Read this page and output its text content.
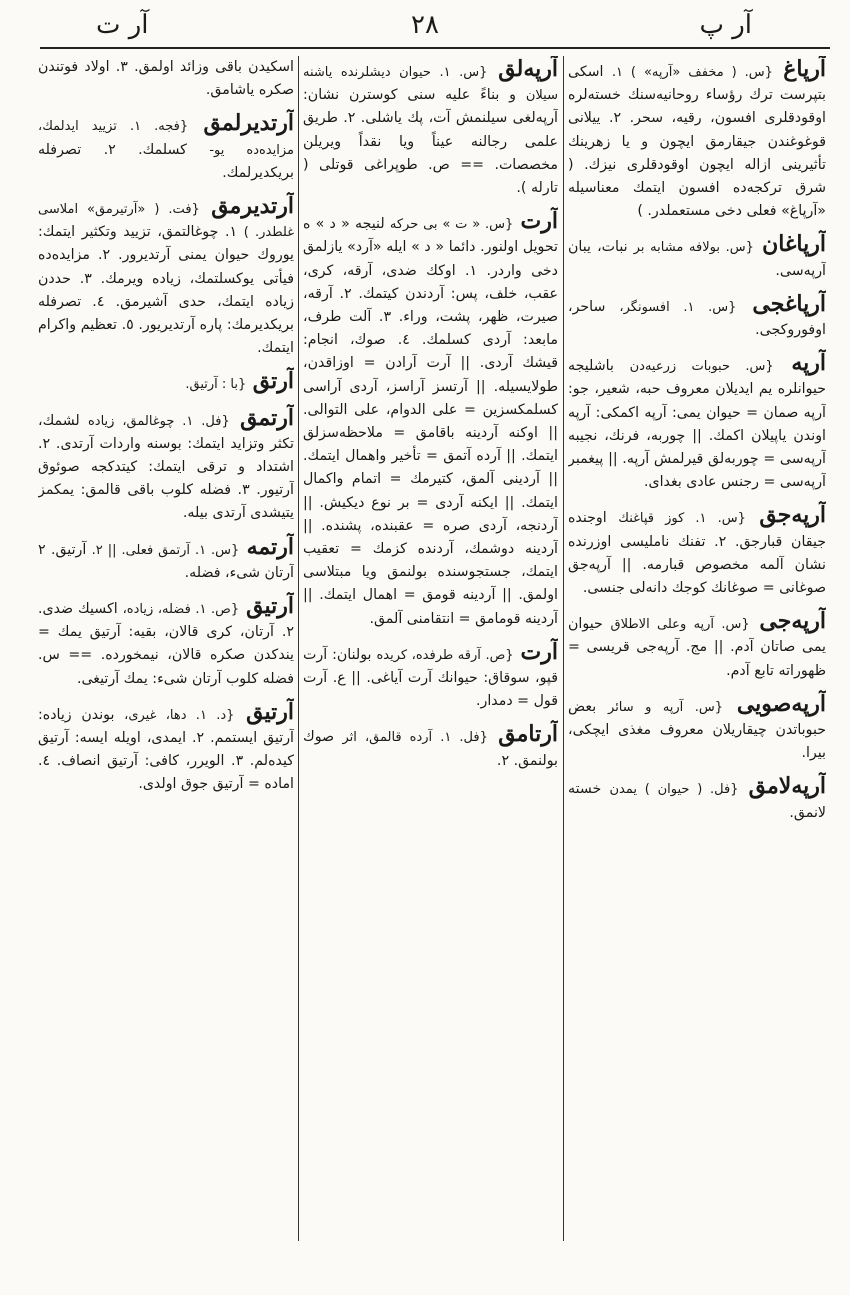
آر پ
٢٨
آر ت
آرپاغ {س. ( مخفف «آرپه» ) ١. اسکی بتپرست ترك رؤساء روحانیه‌سنك خسته‌لره اوقودقلری افسون، رقیه، سحر. ٢. ییلانی قوغوغندن جیقارمق ایچون و یا زهرینك تأثیرینی ازاله ایچون اوقودقلری نیزك. ( شرق ترکجه‌ده افسون ایتمك معناسیله «آرپاغ» فعلی دخی مستعملدر. )
آرپاغان {س. بولافه مشابه بر نبات، یبان آرپه‌سی.
آرپاغجی {س. ١. افسونگر، ساحر، اوفوروکجی.
آرپه {س. حبوبات زرعیه‌دن باشلیجه حیوانلره یم ایدیلان معروف حبه، شعیر، جو: آرپه صمان = حیوان یمی: آرپه اکمکی: آرپه اوندن یاپیلان اکمك. || چوربه، فرنك، نجیبه آرپه‌سی = چوربه‌لق قیرلمش آرپه. || پیغمبر آرپه‌سی = رجنس عادی بغدای.
آرپه‌جق {س. ١. کوز قپاغنك اوجنده جیقان قبارجق. ٢. تفنك ناملیسی اوزرنده نشان آلمه مخصوص قبارمه. || آرپه‌جق صوغانی = صوغانك کوجك دانه‌لی جنسی.
آرپه‌جی {س. آرپه وعلى الاطلاق حیوان یمی صاتان آدم. || مج. آرپه‌جی قریسی = ظهوراته تابع آدم.
آرپه‌صویی {س. آرپه و سائر بعض حبوباتدن چیقاریلان معروف مغذی ایچکی، بیرا.
آرپه‌لامق {فل. ( حیوان ) یمدن خسته لانمق.
آرپه‌لق {س. ١. حیوان دیشلرنده یاشنه سیلان و بناءً علیه سنی کوسترن نشان: آرپه‌لغی سیلنمش آت، پك یاشلی. ٢. طریق علمی رجالنه عیناً ویا نقداً ویریلن مخصصات. == ص. طوپراغی قوتلی ( تارله ).
آرت {س. « ت » بی حرکه لنیجه « د » ه تحویل اولنور. دائما « د » ایله «آرد» یازلمق دخی واردر. ١. اوکك ضدی، آرقه، کری، عقب، خلف، پس: آردندن کیتمك. ٢. آرقه، صیرت، ظهر، پشت، وراء. ٣. آلت طرف، مابعد: آردی کسلمك. ٤. صوك، انجام: قیشك آردی. || آرت آرادن = اوزاقدن، طولایسیله. || آرتسز آراسز، آردی آراسی کسلمکسزین = على الدوام، على التوالی. || اوکنه آردینه باقامق = ملاحظه‌سزلق ایتمك. || آرده آتمق = تأخیر واهمال ایتمك. || آردینی آلمق، کتیرمك = اتمام واکمال ایتمك. || ایکنه آردی = بر نوع دیکیش. || آردنجه، آردی صره = عقبنده، پشنده. || آردینه دوشمك، آردنده کزمك = تعقیب ایتمك، جستجوسنده بولنمق ویا مبتلاسی اولمق. || آردینه قومق = اهمال ایتمك. || آردینه قومامق = انتقامنی آلمق.
آرت {ص. آرقه طرفده، کریده بولنان: آرت قپو، سوقاق: حیوانك آرت آیاغی. || ع. آرت قول = دمدار.
آرتامق {فل. ١. آرده قالمق، اثر صوك بولنمق. ٢.
اسکیدن باقی وزائد اولمق. ٣. اولاد فوتندن صکره یاشامق.
آرتدیرلمق {فجه. ١. تزیید ایدلمك، مزایده‌ده یو- کسلمك. ٢. تصرفله بریکدیرلمك.
آرتدیرمق {فت. ( «آرتیرمق» املاسی غلطدر. ) ١. چوغالتمق، تزیید وتکثیر ایتمك: یوروك حیوان یمنی آرتدیرور. ٢. مزایده‌ده فیأتی یوکسلتمك، زیاده ویرمك. ٣. حددن زیاده ایتمك، حدی آشیرمق. ٤. تصرفله بریکدیرمك: پاره آرتدیریور. ٥. تعظیم واکرام ایتمك.
آرتق {با : آرتیق.
آرتمق {فل. ١. چوغالمق، زیاده لشمك، تکثر وتزاید ایتمك: بوسنه واردات آرتدی. ٢. اشتداد و ترقی ایتمك: کیتدکجه صوئوق آرتیور. ٣. فضله کلوب باقی قالمق: یمکمز یتیشدی آرتدی بیله.
آرتمه {س. ١. آرتمق فعلی. || ٢. آرتیق. ٢ آرتان شیء، فضله.
آرتیق {ص. ١. فضله، زیاده، اکسیك ضدی. ٢. آرتان، کری قالان، بقیه: آرتیق یمك = یندکدن صکره قالان، نیمخورده. == س. فضله کلوب آرتان شیء: یمك آرتیغی.
آرتیق {د. ١. دها، غیری، بوندن زیاده: آرتیق ایستمم. ٢. ایمدی، اویله ایسه: آرتیق کیده‌لم. ٣. الویرر، کافی: آرتیق انصاف. ٤. اماده = آرتیق جوق اولدی.
